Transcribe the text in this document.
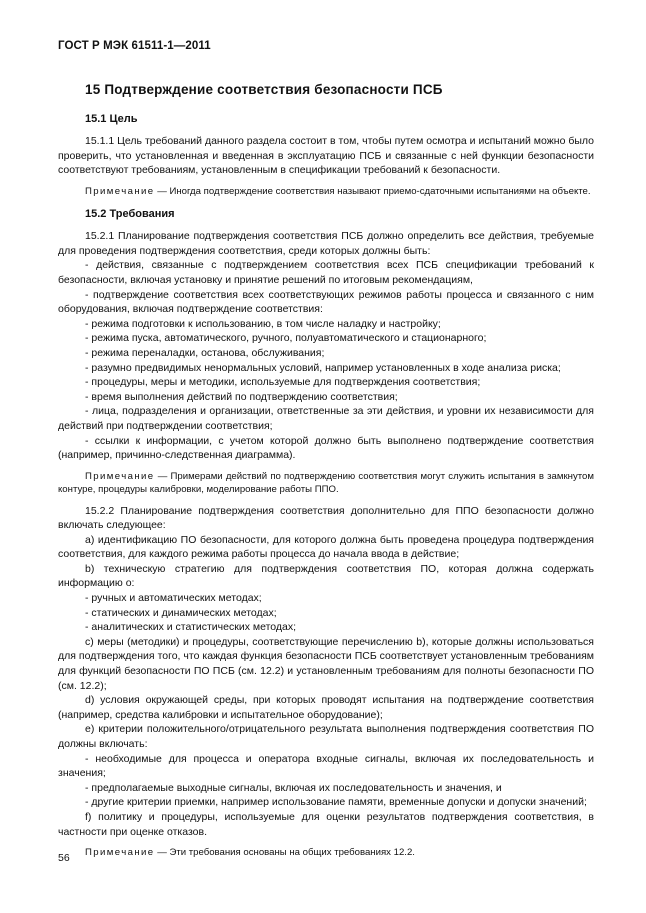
ГОСТ Р МЭК 61511-1—2011
15 Подтверждение соответствия безопасности ПСБ
15.1 Цель

15.1.1 Цель требований данного раздела состоит в том, чтобы путем осмотра и испытаний можно было проверить, что установленная и введенная в эксплуатацию ПСБ и связанные с ней функции безопасности соответствуют требованиям, установленным в спецификации требований к безопасности.

Примечание — Иногда подтверждение соответствия называют приемо-сдаточными испытаниями на объекте.

15.2 Требования

15.2.1 Планирование подтверждения соответствия ПСБ должно определить все действия, требуемые для проведения подтверждения соответствия, среди которых должны быть:

- действия, связанные с подтверждением соответствия всех ПСБ спецификации требований к безопасности, включая установку и принятие решений по итоговым рекомендациям,

- подтверждение соответствия всех соответствующих режимов работы процесса и связанного с ним оборудования, включая подтверждение соответствия:

- режима подготовки к использованию, в том числе наладку и настройку;

- режима пуска, автоматического, ручного, полуавтоматического и стационарного;

- режима переналадки, останова, обслуживания;

- разумно предвидимых ненормальных условий, например установленных в ходе анализа риска;

- процедуры, меры и методики, используемые для подтверждения соответствия;

- время выполнения действий по подтверждению соответствия;

- лица, подразделения и организации, ответственные за эти действия, и уровни их независимости для действий при подтверждении соответствия;

- ссылки к информации, с учетом которой должно быть выполнено подтверждение соответствия (например, причинно-следственная диаграмма).

Примечание — Примерами действий по подтверждению соответствия могут служить испытания в замкнутом контуре, процедуры калибровки, моделирование работы ППО.

15.2.2 Планирование подтверждения соответствия дополнительно для ППО безопасности должно включать следующее:

a) идентификацию ПО безопасности, для которого должна быть проведена процедура подтверждения соответствия, для каждого режима работы процесса до начала ввода в действие;

b) техническую стратегию для подтверждения соответствия ПО, которая должна содержать информацию о:

- ручных и автоматических методах;

- статических и динамических методах;

- аналитических и статистических методах;

c) меры (методики) и процедуры, соответствующие перечислению b), которые должны использоваться для подтверждения того, что каждая функция безопасности ПСБ соответствует установленным требованиям для функций безопасности ПО ПСБ (см. 12.2) и установленным требованиям для полноты безопасности ПО (см. 12.2);

d) условия окружающей среды, при которых проводят испытания на подтверждение соответствия (например, средства калибровки и испытательное оборудование);

e) критерии положительного/отрицательного результата выполнения подтверждения соответствия ПО должны включать:

- необходимые для процесса и оператора входные сигналы, включая их последовательность и значения;

- предполагаемые выходные сигналы, включая их последовательность и значения, и

- другие критерии приемки, например использование памяти, временные допуски и допуски значений;

f) политику и процедуры, используемые для оценки результатов подтверждения соответствия, в частности при оценке отказов.

Примечание — Эти требования основаны на общих требованиях 12.2.

56
